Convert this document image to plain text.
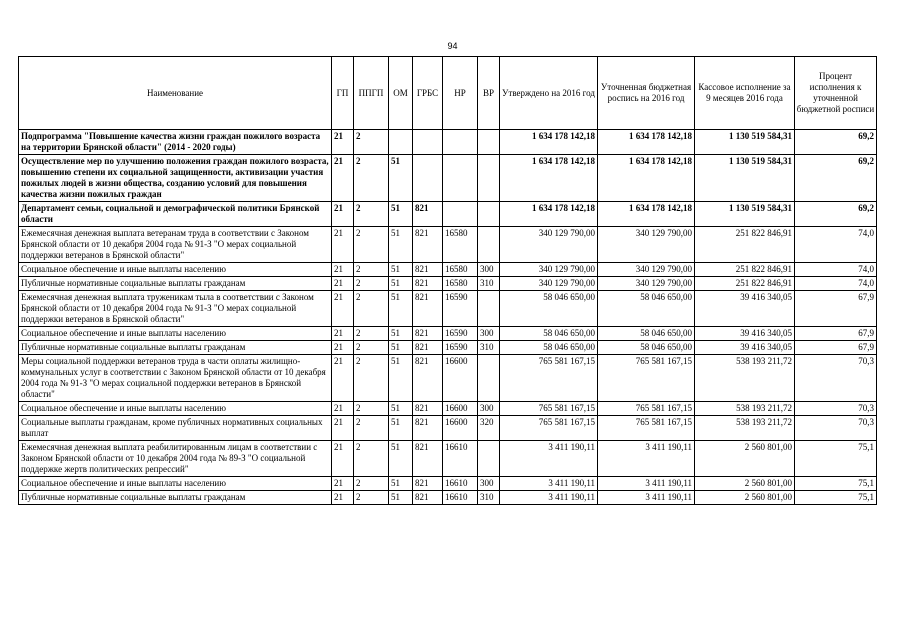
94
Наименование	ГП	ППГП	ОМ	ГРБС	НР	ВР	Утверждено на 2016 год	Уточненная бюджетная роспись на 2016 год	Кассовое исполнение за 9 месяцев 2016 года	Процент исполнения к уточненной бюджетной росписи
Подпрограмма "Повышение качества жизни граждан пожилого возраста на территории Брянской области" (2014 - 2020 годы)	21	2					1 634 178 142,18	1 634 178 142,18	1 130 519 584,31	69,2
Осуществление мер по улучшению положения граждан пожилого возраста, повышению степени их социальной защищенности, активизации участия пожилых людей в жизни общества, созданию условий для повышения качества жизни пожилых граждан	21	2	51				1 634 178 142,18	1 634 178 142,18	1 130 519 584,31	69,2
Департамент семьи, социальной и демографической политики Брянской области	21	2	51	821			1 634 178 142,18	1 634 178 142,18	1 130 519 584,31	69,2
Ежемесячная денежная выплата ветеранам труда в соответствии с Законом Брянской области от 10 декабря 2004 года № 91-З "О мерах социальной поддержки ветеранов в Брянской области"	21	2	51	821	16580		340 129 790,00	340 129 790,00	251 822 846,91	74,0
Социальное обеспечение и иные выплаты населению	21	2	51	821	16580	300	340 129 790,00	340 129 790,00	251 822 846,91	74,0
Публичные нормативные социальные выплаты гражданам	21	2	51	821	16580	310	340 129 790,00	340 129 790,00	251 822 846,91	74,0
Ежемесячная денежная выплата труженикам тыла в соответствии с Законом Брянской области от 10 декабря 2004 года № 91-З "О мерах социальной поддержки ветеранов в Брянской области"	21	2	51	821	16590		58 046 650,00	58 046 650,00	39 416 340,05	67,9
Социальное обеспечение и иные выплаты населению	21	2	51	821	16590	300	58 046 650,00	58 046 650,00	39 416 340,05	67,9
Публичные нормативные социальные выплаты гражданам	21	2	51	821	16590	310	58 046 650,00	58 046 650,00	39 416 340,05	67,9
Меры социальной поддержки ветеранов труда в части оплаты жилищно-коммунальных услуг в соответствии с Законом Брянской области от 10 декабря 2004 года № 91-З "О мерах социальной поддержки ветеранов в Брянской области"	21	2	51	821	16600		765 581 167,15	765 581 167,15	538 193 211,72	70,3
Социальное обеспечение и иные выплаты населению	21	2	51	821	16600	300	765 581 167,15	765 581 167,15	538 193 211,72	70,3
Социальные выплаты гражданам, кроме публичных нормативных социальных выплат	21	2	51	821	16600	320	765 581 167,15	765 581 167,15	538 193 211,72	70,3
Ежемесячная денежная выплата реабилитированным лицам в соответствии с Законом Брянской области от 10 декабря 2004 года № 89-З "О социальной поддержке жертв политических репрессий"	21	2	51	821	16610		3 411 190,11	3 411 190,11	2 560 801,00	75,1
Социальное обеспечение и иные выплаты населению	21	2	51	821	16610	300	3 411 190,11	3 411 190,11	2 560 801,00	75,1
Публичные нормативные социальные выплаты гражданам	21	2	51	821	16610	310	3 411 190,11	3 411 190,11	2 560 801,00	75,1
